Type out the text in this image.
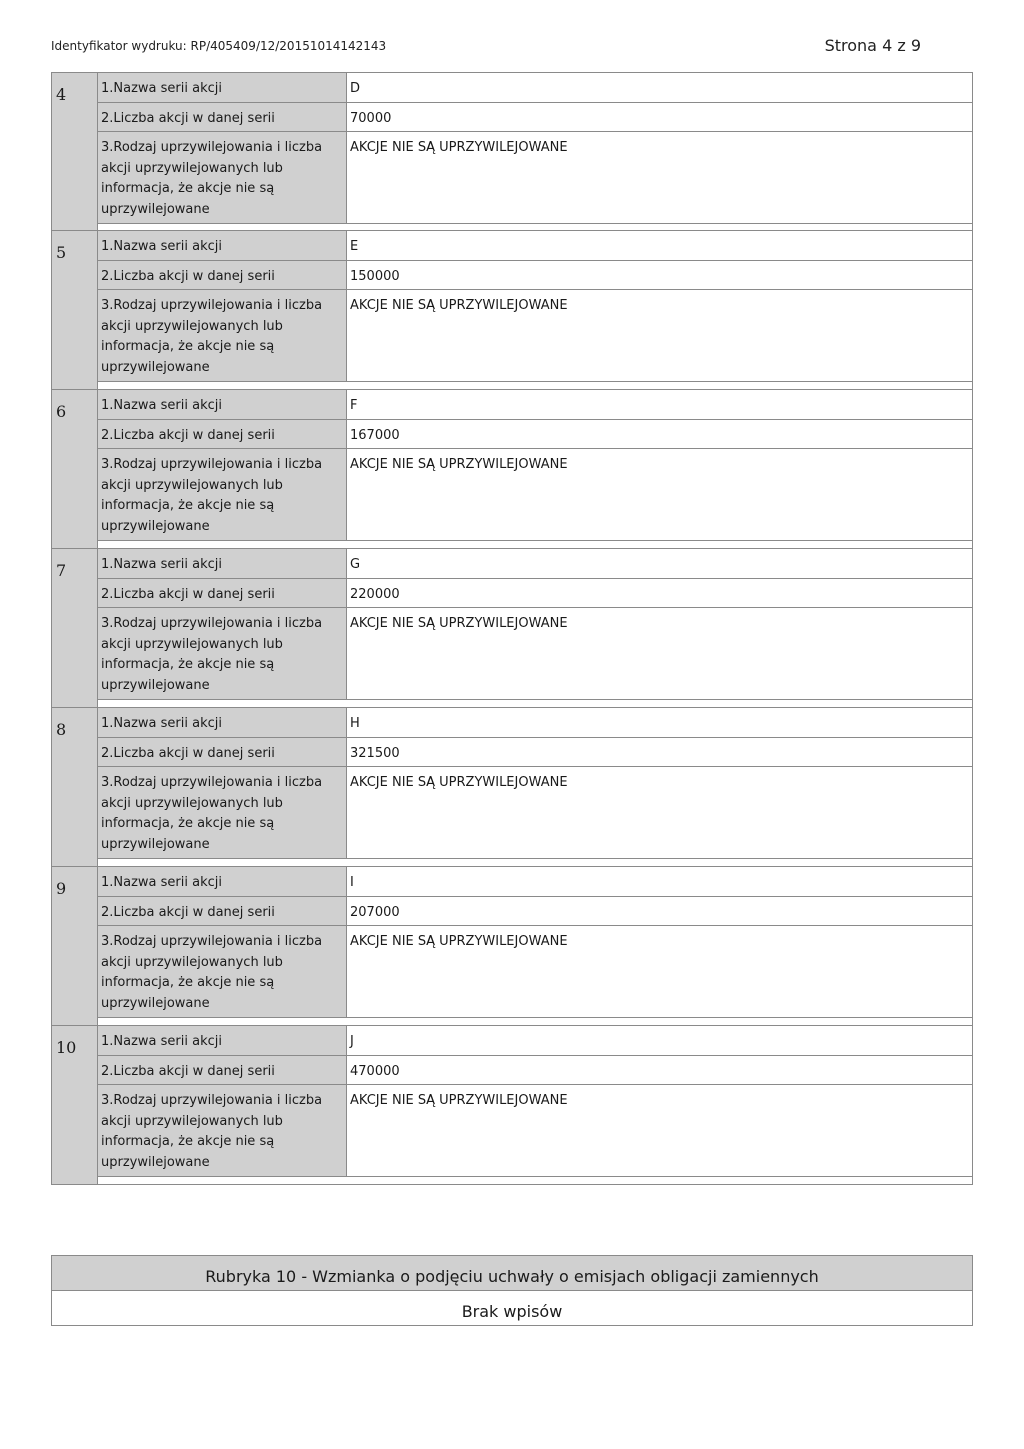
Identyfikator wydruku: RP/405409/12/20151014142143	Strona 4 z 9
4	1.Nazwa serii akcji	D
2.Liczba akcji w danej serii	70000
3.Rodzaj uprzywilejowania i liczba akcji uprzywilejowanych lub informacja, że akcje nie są uprzywilejowane
AKCJE NIE SĄ UPRZYWILEJOWANE
5	1.Nazwa serii akcji	E
2.Liczba akcji w danej serii	150000
3.Rodzaj uprzywilejowania i liczba akcji uprzywilejowanych lub informacja, że akcje nie są uprzywilejowane
AKCJE NIE SĄ UPRZYWILEJOWANE
6	1.Nazwa serii akcji	F
2.Liczba akcji w danej serii	167000
3.Rodzaj uprzywilejowania i liczba akcji uprzywilejowanych lub informacja, że akcje nie są uprzywilejowane
AKCJE NIE SĄ UPRZYWILEJOWANE
7	1.Nazwa serii akcji	G
2.Liczba akcji w danej serii	220000
3.Rodzaj uprzywilejowania i liczba akcji uprzywilejowanych lub informacja, że akcje nie są uprzywilejowane
AKCJE NIE SĄ UPRZYWILEJOWANE
8	1.Nazwa serii akcji	H
2.Liczba akcji w danej serii	321500
3.Rodzaj uprzywilejowania i liczba akcji uprzywilejowanych lub informacja, że akcje nie są uprzywilejowane
AKCJE NIE SĄ UPRZYWILEJOWANE
9	1.Nazwa serii akcji	I
2.Liczba akcji w danej serii	207000
3.Rodzaj uprzywilejowania i liczba akcji uprzywilejowanych lub informacja, że akcje nie są uprzywilejowane
AKCJE NIE SĄ UPRZYWILEJOWANE
10	1.Nazwa serii akcji	J
2.Liczba akcji w danej serii	470000
3.Rodzaj uprzywilejowania i liczba akcji uprzywilejowanych lub informacja, że akcje nie są uprzywilejowane
AKCJE NIE SĄ UPRZYWILEJOWANE
Rubryka 10 - Wzmianka o podjęciu uchwały o emisjach obligacji zamiennych
Brak wpisów
